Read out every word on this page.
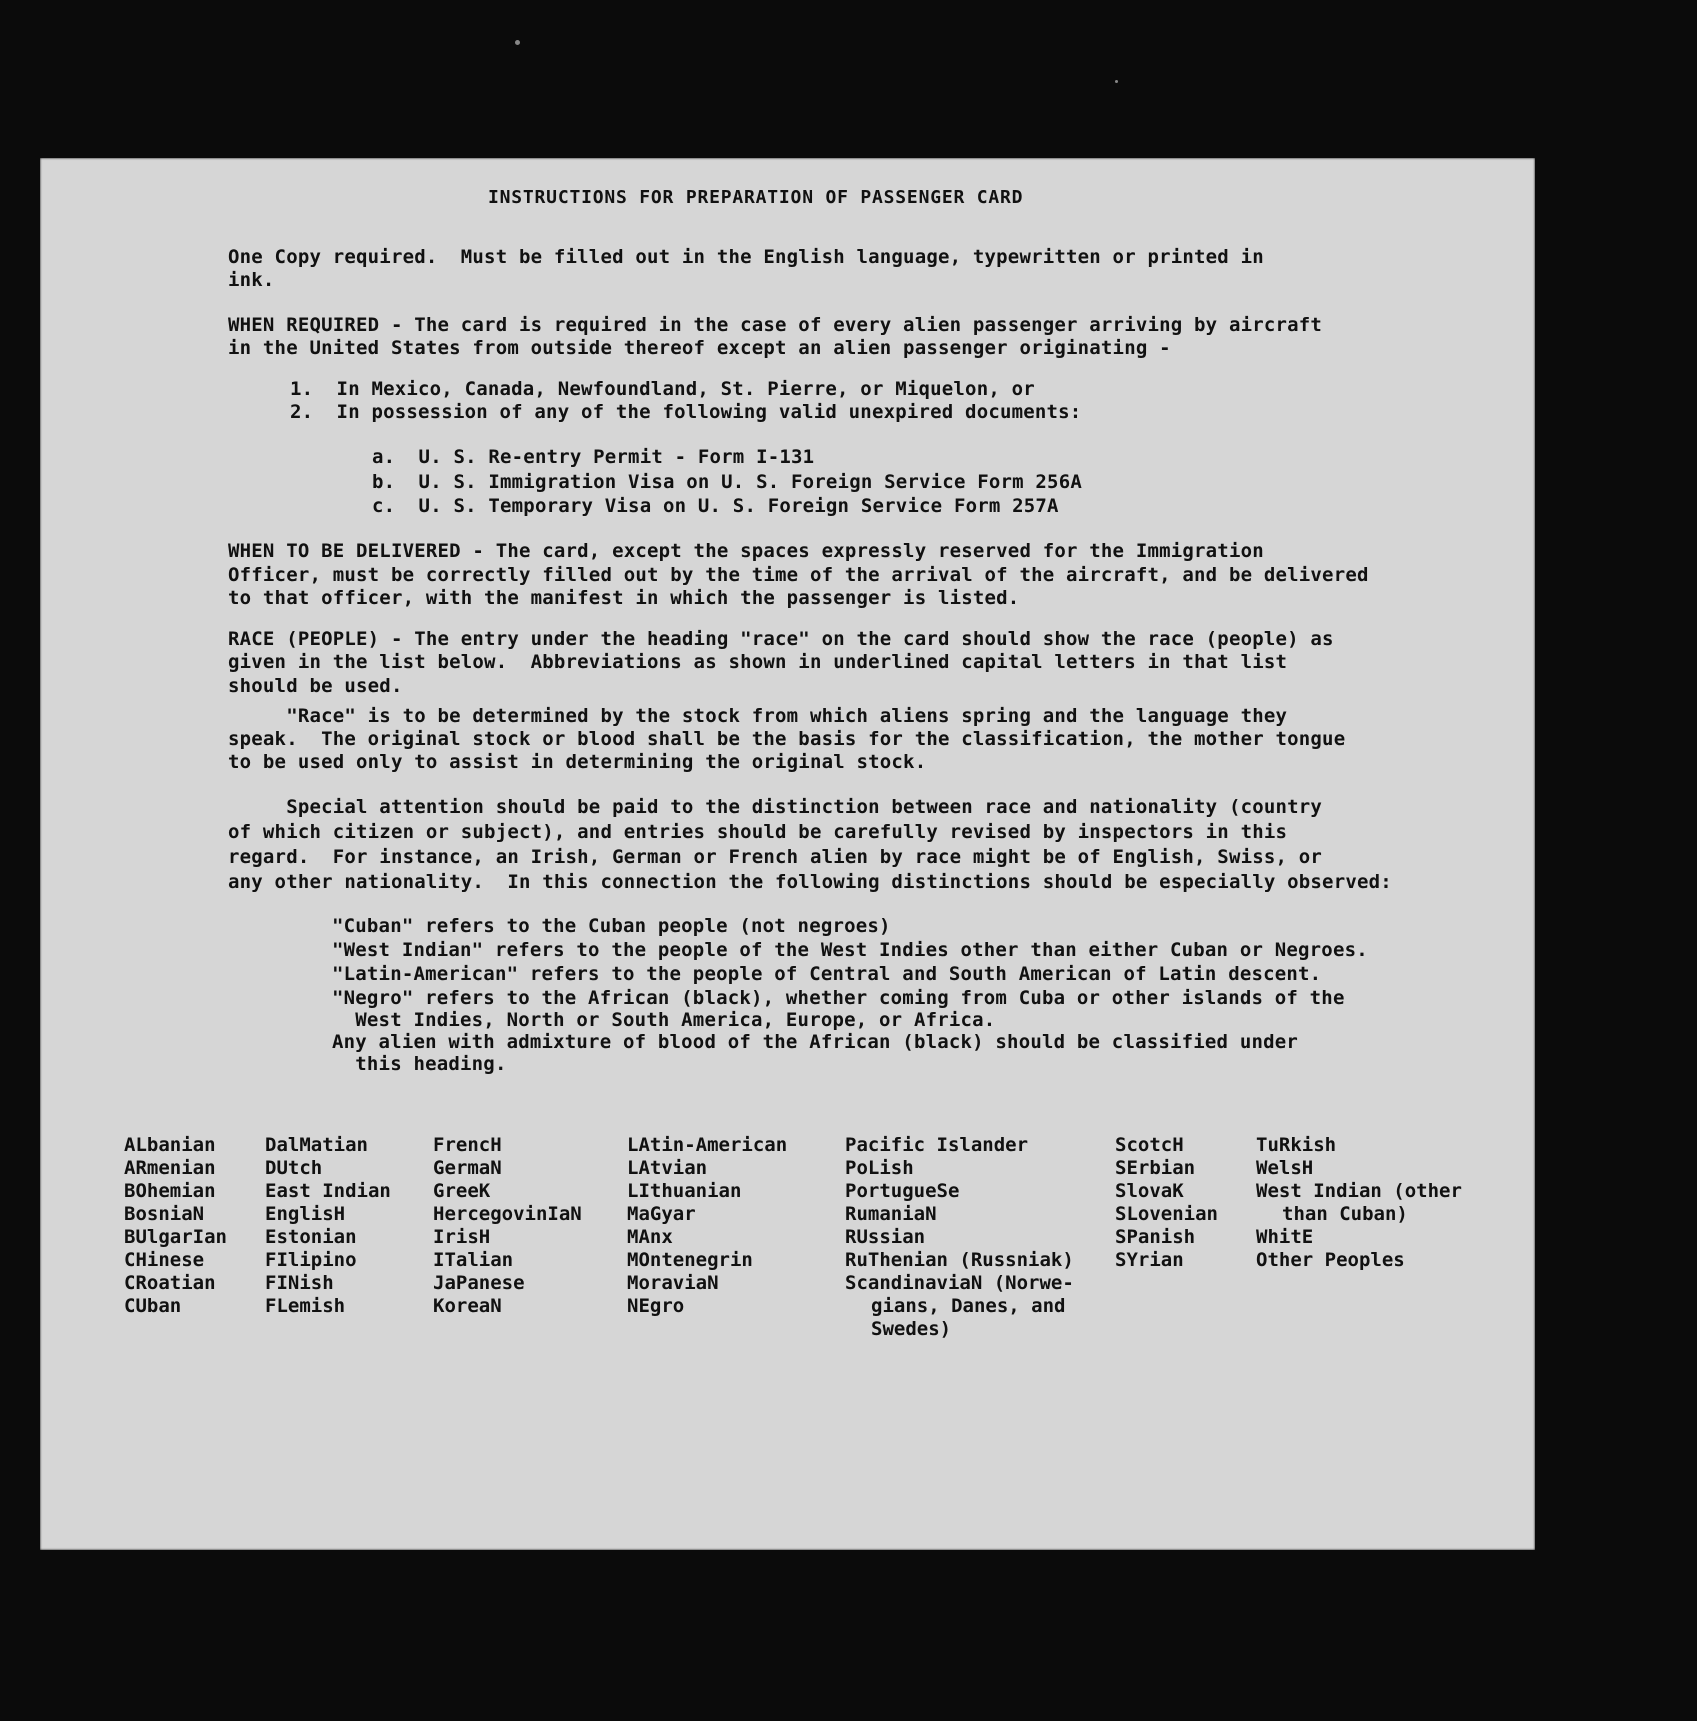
INSTRUCTIONS FOR PREPARATION OF PASSENGER CARD
One Copy required.  Must be filled out in the English language, typewritten or printed in
ink.
WHEN REQUIRED - The card is required in the case of every alien passenger arriving by aircraft
in the United States from outside thereof except an alien passenger originating -
1.  In Mexico, Canada, Newfoundland, St. Pierre, or Miquelon, or
2.  In possession of any of the following valid unexpired documents:
a.  U. S. Re-entry Permit - Form I-131
b.  U. S. Immigration Visa on U. S. Foreign Service Form 256A
c.  U. S. Temporary Visa on U. S. Foreign Service Form 257A
WHEN TO BE DELIVERED - The card, except the spaces expressly reserved for the Immigration
Officer, must be correctly filled out by the time of the arrival of the aircraft, and be delivered
to that officer, with the manifest in which the passenger is listed.
RACE (PEOPLE) - The entry under the heading "race" on the card should show the race (people) as
given in the list below.  Abbreviations as shown in underlined capital letters in that list
should be used.
"Race" is to be determined by the stock from which aliens spring and the language they
speak.  The original stock or blood shall be the basis for the classification, the mother tongue
to be used only to assist in determining the original stock.
Special attention should be paid to the distinction between race and nationality (country
of which citizen or subject), and entries should be carefully revised by inspectors in this
regard.  For instance, an Irish, German or French alien by race might be of English, Swiss, or
any other nationality.  In this connection the following distinctions should be especially observed:
"Cuban" refers to the Cuban people (not negroes)
"West Indian" refers to the people of the West Indies other than either Cuban or Negroes.
"Latin-American" refers to the people of Central and South American of Latin descent.
"Negro" refers to the African (black), whether coming from Cuba or other islands of the
West Indies, North or South America, Europe, or Africa.
Any alien with admixture of blood of the African (black) should be classified under
this heading.
ALbanian
ARmenian
BOhemian
BosniaN
BUlgarIan
CHinese
CRoatian
CUban
DalMatian
DUtch
East Indian
EnglisH
Estonian
FIlipino
FINish
FLemish
FrencH
GermaN
GreeK
HercegovinIaN
IrisH
ITalian
JaPanese
KoreaN
LAtin-American
LAtvian
LIthuanian
MaGyar
MAnx
MOntenegrin
MoraviaN
NEgro
Pacific Islander
PoLish
PortugueSe
RumaniaN
RUssian
RuThenian (Russniak)
ScandinaviaN (Norwe-
gians, Danes, and
Swedes)
ScotcH
SErbian
SlovaK
SLovenian
SPanish
SYrian
TuRkish
WelsH
West Indian (other
than Cuban)
WhitE
Other Peoples
